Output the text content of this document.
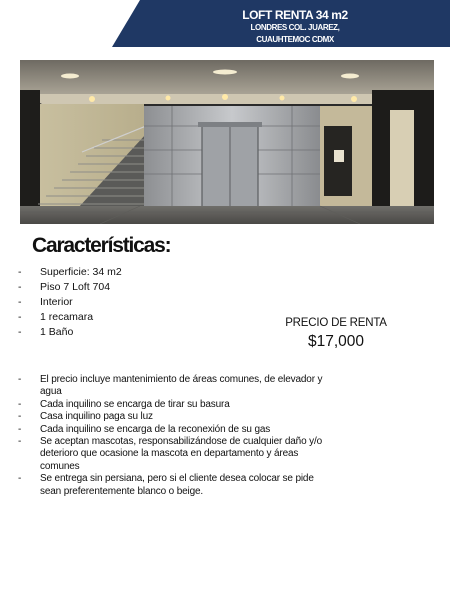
LOFT RENTA 34 m2
LONDRES COL. JUAREZ,
CUAUHTEMOC CDMX
Características:
- Superficie: 34 m2
- Piso 7 Loft 704
- Interior
- 1 recamara
- 1 Baño
PRECIO DE RENTA
$17,000
- El precio incluye mantenimiento de áreas comunes, de elevador y agua
- Cada inquilino se encarga de tirar su basura
- Casa inquilino paga su luz
- Cada inquilino se encarga de la reconexión de su gas
- Se aceptan mascotas, responsabilizándose de cualquier daño y/o deterioro que ocasione la mascota en departamento y áreas comunes
- Se entrega sin persiana, pero si el cliente desea colocar se pide sean preferentemente blanco o beige.
